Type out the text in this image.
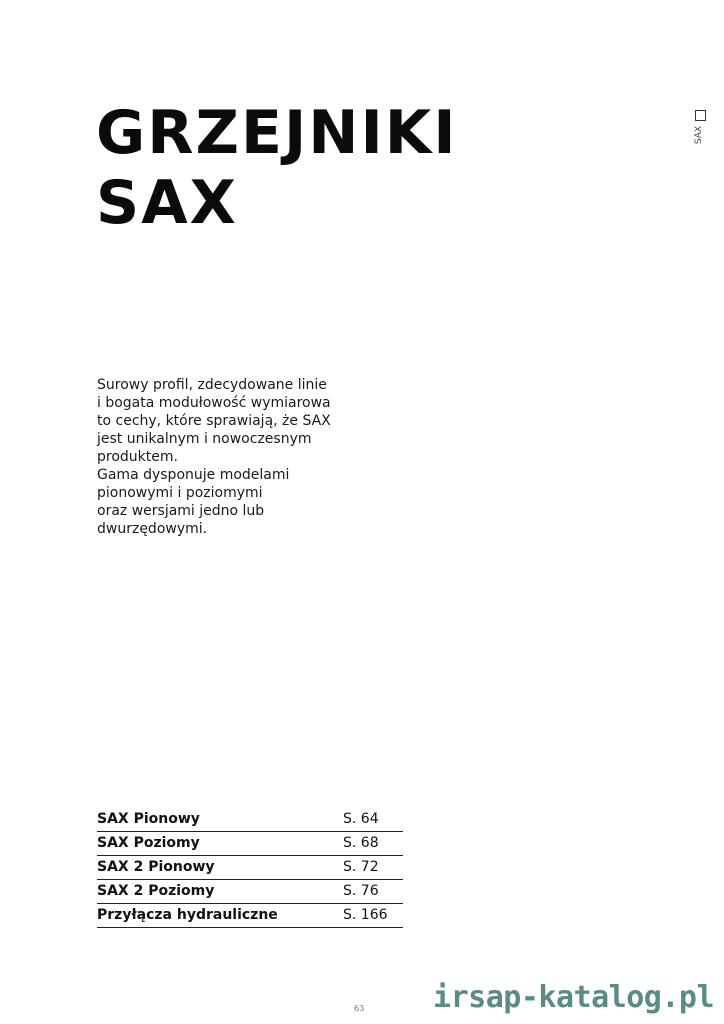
GRZEJNIKI
SAX
SAX

Surowy profil, zdecydowane linie

i bogata modułowość wymiarowa

to cechy, które sprawiają, że SAX

jest unikalnym i nowoczesnym

produktem.

Gama dysponuje modelami

pionowymi i poziomymi

oraz wersjami jedno lub

dwurzędowymi.

SAX Pionowy	S. 64
SAX Poziomy	S. 68
SAX 2 Pionowy	S. 72
SAX 2 Poziomy	S. 76
Przyłącza hydrauliczne	S. 166
63 irsap-katalog.pl
